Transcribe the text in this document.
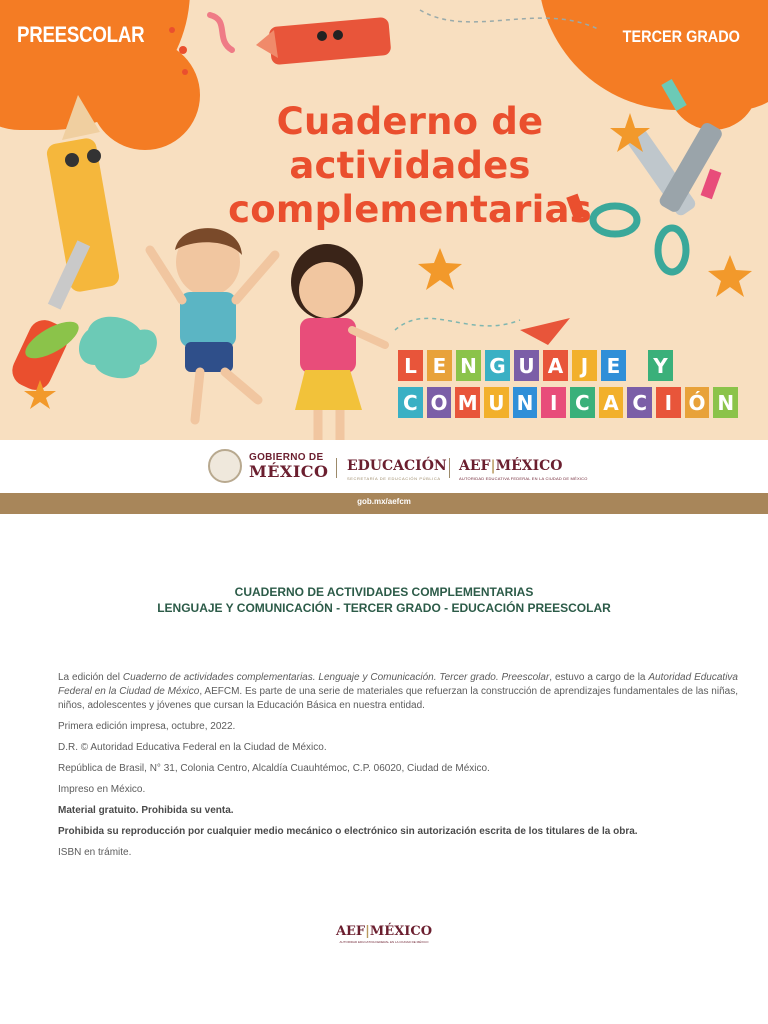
PREESCOLAR	TERCER GRADO
Cuaderno de
actividades
complementarias
L E N G U A J E Y
C O M U N I C A C I Ó N
GOBIERNO DE
MÉXICO EDUCACIÓN
SECRETARÍA DE EDUCACIÓN PÚBLICA
AEF|MÉXICO
AUTORIDAD EDUCATIVA FEDERAL EN LA CIUDAD DE MÉXICO
gob.mx/aefcm
CUADERNO DE ACTIVIDADES COMPLEMENTARIAS
LENGUAJE Y COMUNICACIÓN - TERCER GRADO - EDUCACIÓN PREESCOLAR

La edición del Cuaderno de actividades complementarias. Lenguaje y Comunicación. Tercer grado. Preescolar, estuvo a cargo de la Autoridad Educativa Federal en la Ciudad de México, AEFCM. Es parte de una serie de materiales que refuerzan la construcción de aprendizajes fundamentales de las niñas, niños, adolescentes y jóvenes que cursan la Educación Básica en nuestra entidad.

Primera edición impresa, octubre, 2022.

D.R. © Autoridad Educativa Federal en la Ciudad de México.

República de Brasil, N° 31, Colonia Centro, Alcaldía Cuauhtémoc, C.P. 06020, Ciudad de México.

Impreso en México.

Material gratuito. Prohibida su venta.

Prohibida su reproducción por cualquier medio mecánico o electrónico sin autorización escrita de los titulares de la obra.

ISBN en trámite.

AEF|MÉXICO
AUTORIDAD EDUCATIVA FEDERAL EN LA CIUDAD DE MÉXICO
